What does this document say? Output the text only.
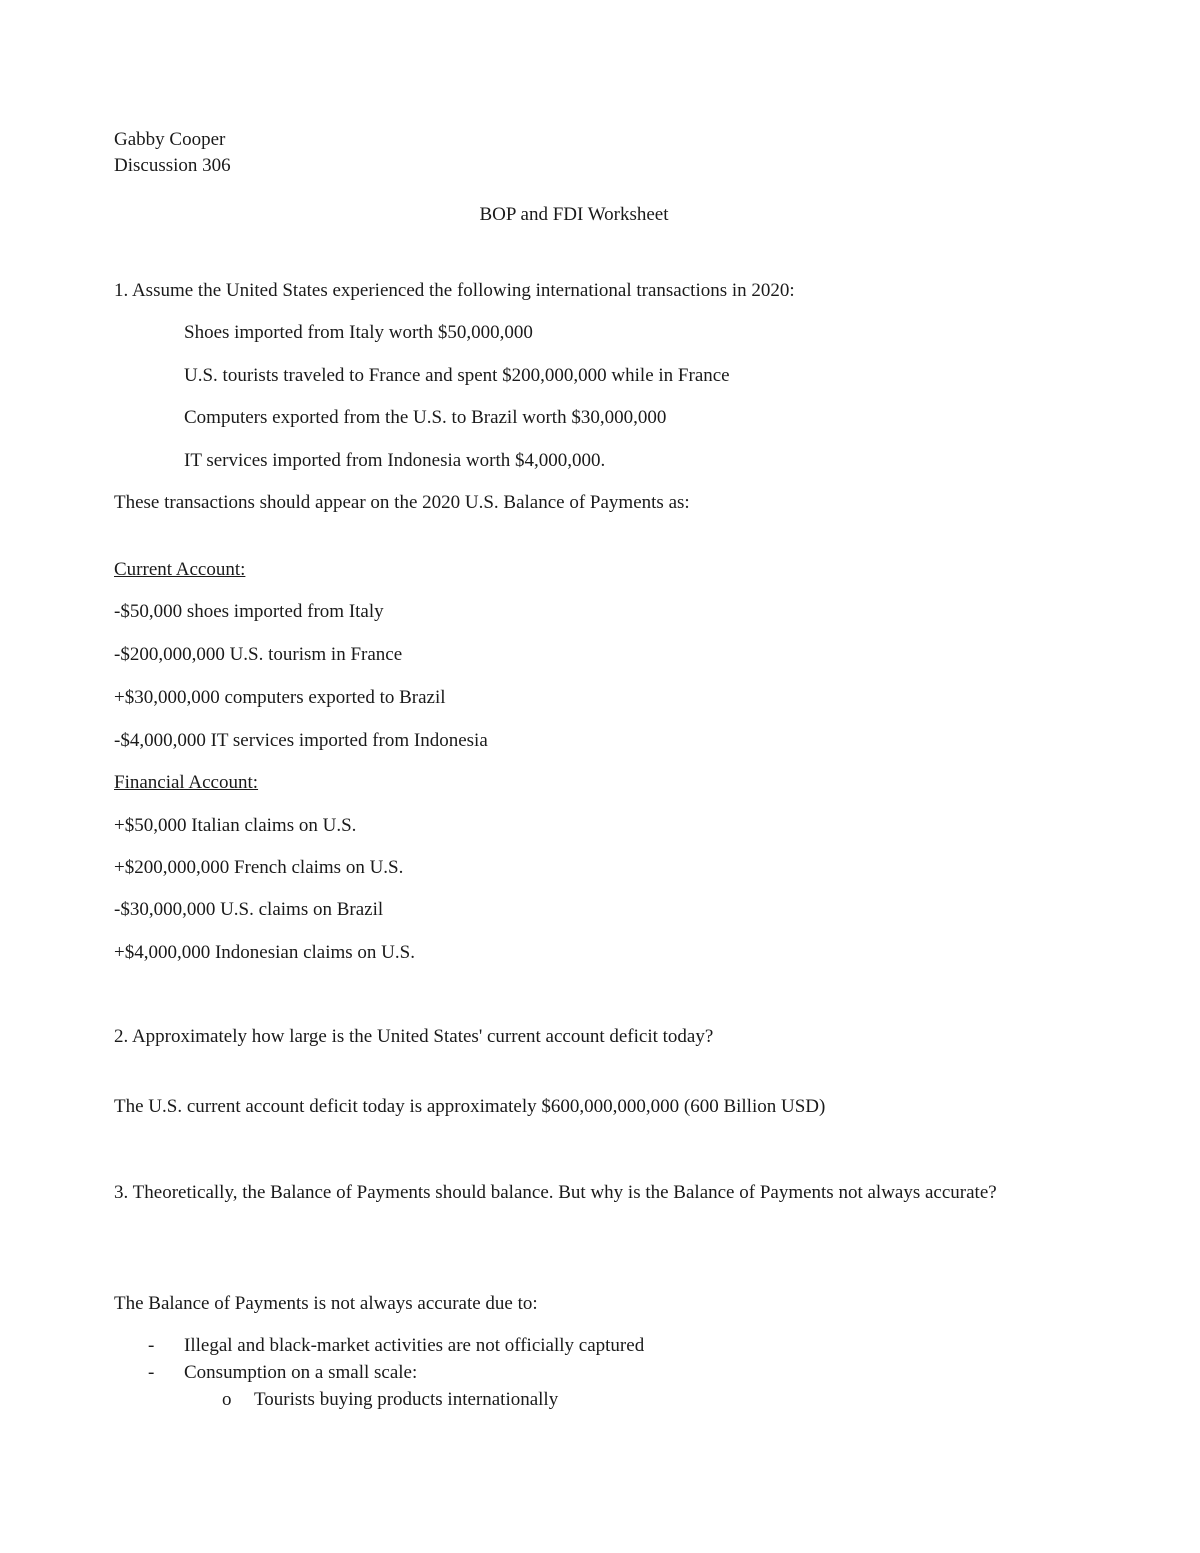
Gabby Cooper
Discussion 306
BOP and FDI Worksheet
1. Assume the United States experienced the following international transactions in 2020:
Shoes imported from Italy worth $50,000,000
U.S. tourists traveled to France and spent $200,000,000 while in France
Computers exported from the U.S. to Brazil worth $30,000,000
IT services imported from Indonesia worth $4,000,000.
These transactions should appear on the 2020 U.S. Balance of Payments as:
Current Account:
-$50,000 shoes imported from Italy
-$200,000,000 U.S. tourism in France
+$30,000,000 computers exported to Brazil
-$4,000,000 IT services imported from Indonesia
Financial Account:
+$50,000 Italian claims on U.S.
+$200,000,000 French claims on U.S.
-$30,000,000 U.S. claims on Brazil
+$4,000,000 Indonesian claims on U.S.
2. Approximately how large is the United States' current account deficit today?
The U.S. current account deficit today is approximately $600,000,000,000 (600 Billion USD)
3. Theoretically, the Balance of Payments should balance. But why is the Balance of Payments not always accurate?
The Balance of Payments is not always accurate due to:
- Illegal and black-market activities are not officially captured
- Consumption on a small scale:
o Tourists buying products internationally
